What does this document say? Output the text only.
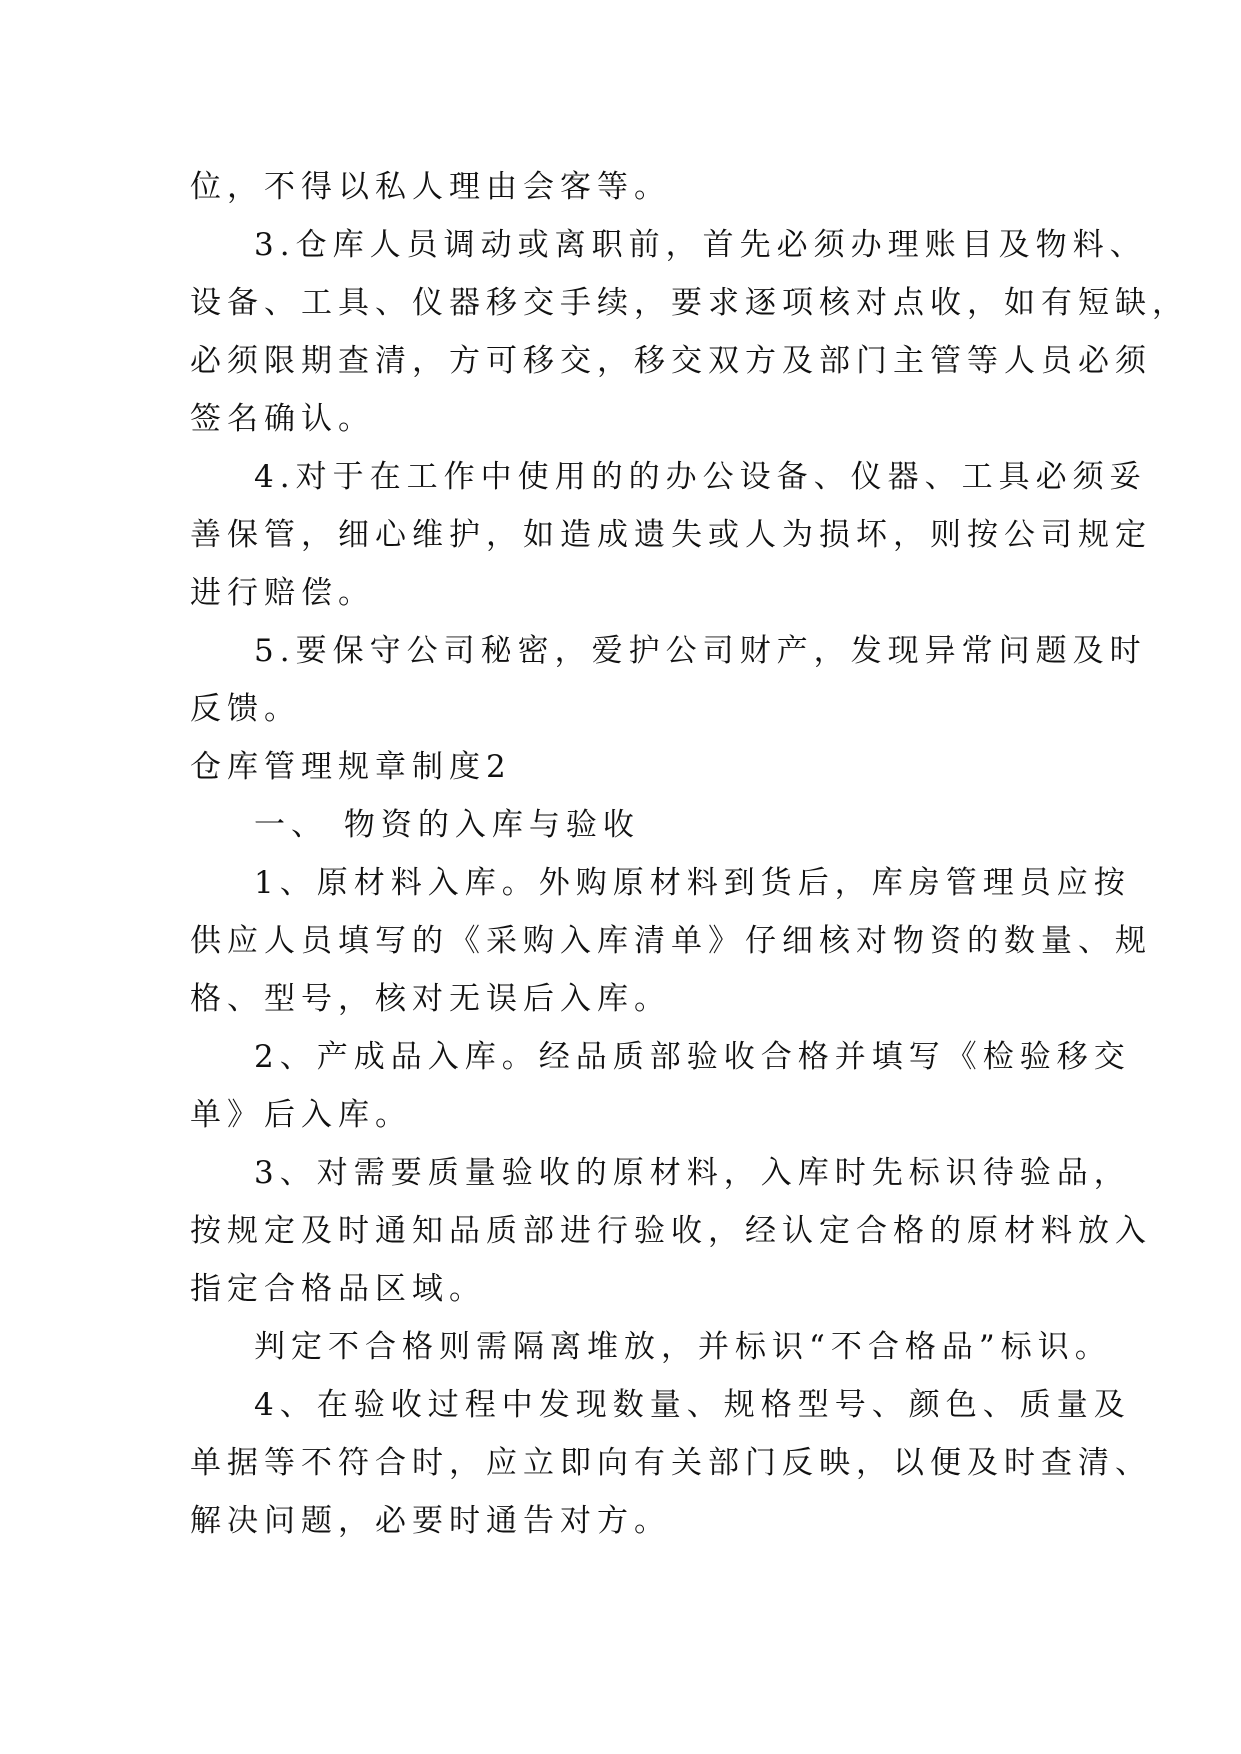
位，不得以私人理由会客等。
3.仓库人员调动或离职前，首先必须办理账目及物料、
设备、工具、仪器移交手续，要求逐项核对点收，如有短缺，
必须限期查清，方可移交，移交双方及部门主管等人员必须
签名确认。
4.对于在工作中使用的的办公设备、仪器、工具必须妥
善保管，细心维护，如造成遗失或人为损坏，则按公司规定
进行赔偿。
5.要保守公司秘密，爱护公司财产，发现异常问题及时
反馈。
仓库管理规章制度2
一、 物资的入库与验收
1、原材料入库。外购原材料到货后，库房管理员应按
供应人员填写的《采购入库清单》仔细核对物资的数量、规
格、型号，核对无误后入库。
2、产成品入库。经品质部验收合格并填写《检验移交
单》后入库。
3、对需要质量验收的原材料，入库时先标识待验品，
按规定及时通知品质部进行验收，经认定合格的原材料放入
指定合格品区域。
判定不合格则需隔离堆放，并标识“不合格品”标识。
4、在验收过程中发现数量、规格型号、颜色、质量及
单据等不符合时，应立即向有关部门反映，以便及时查清、
解决问题，必要时通告对方。
